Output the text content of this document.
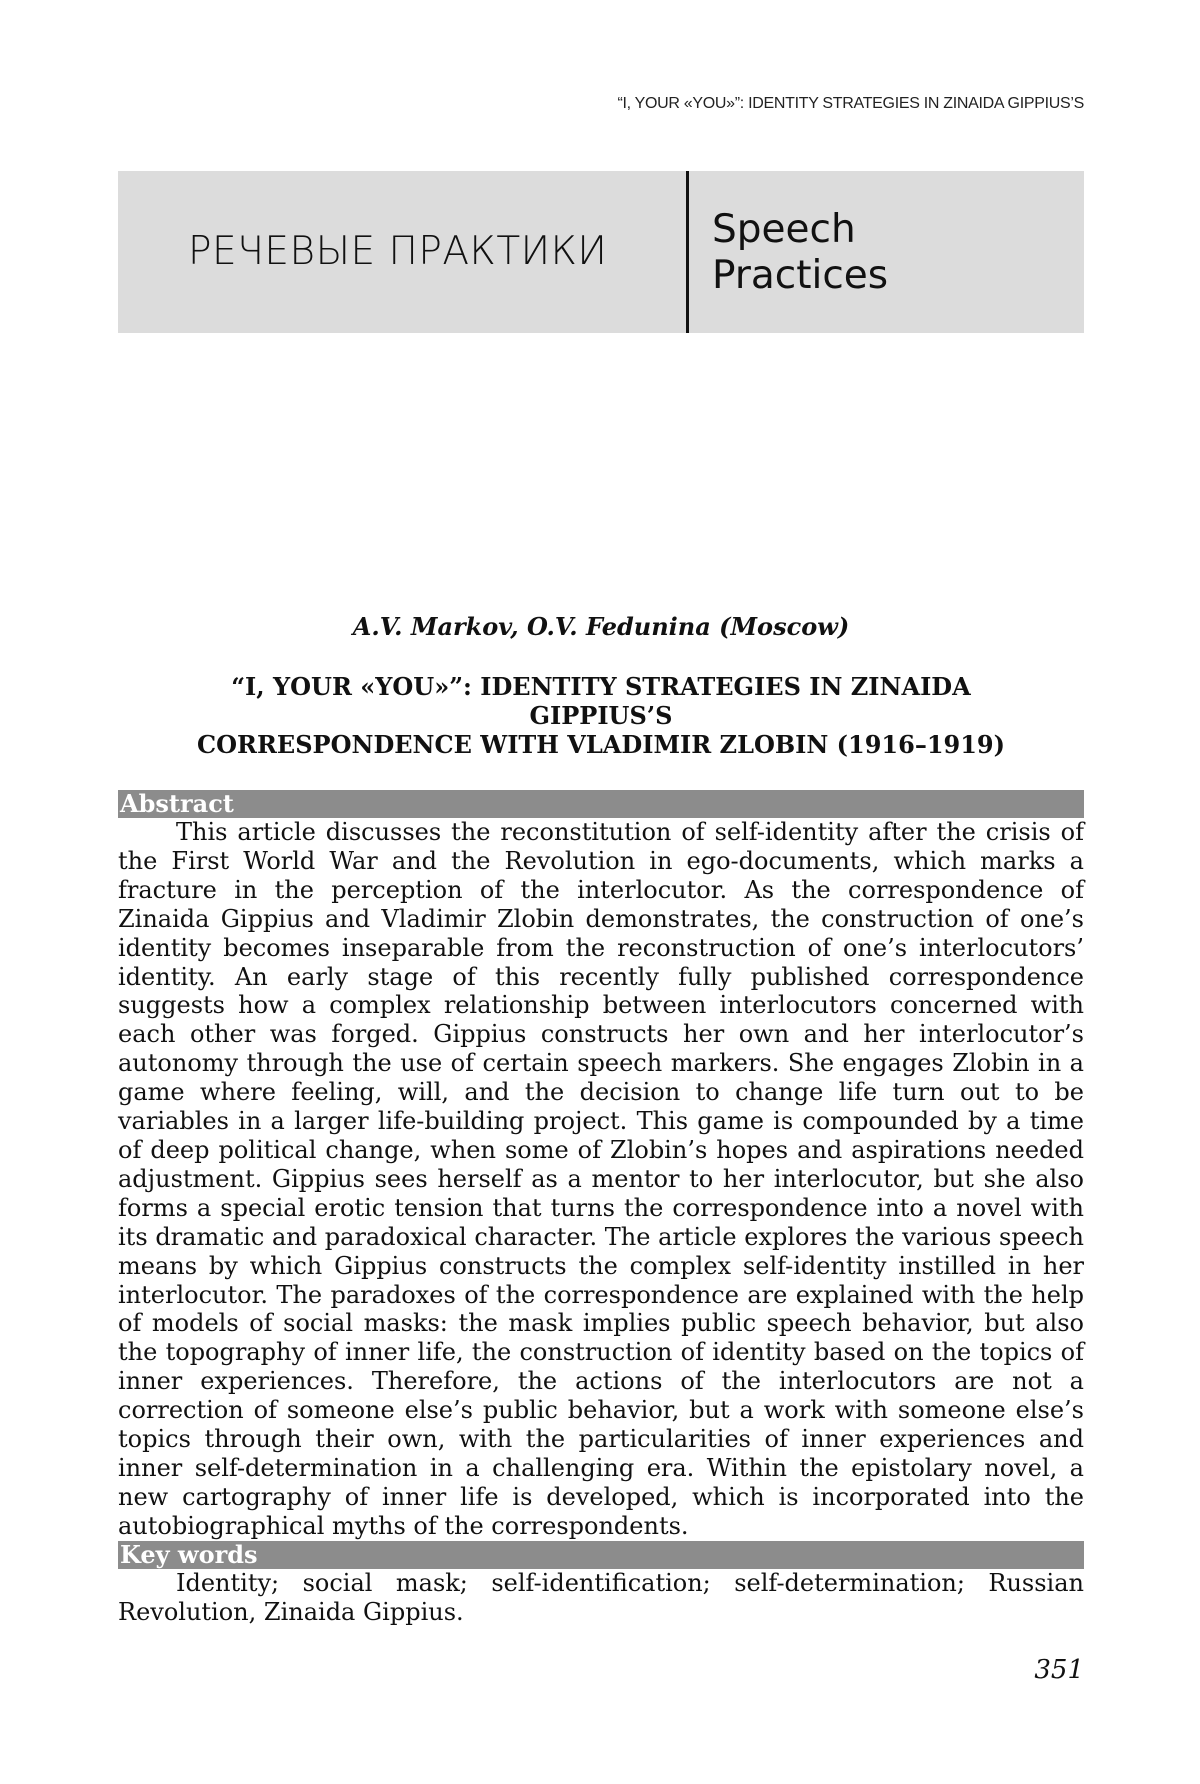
“I, YOUR «YOU»”: IDENTITY STRATEGIES IN ZINAIDA GIPPIUS’S
РЕЧЕВЫЕ ПРАКТИКИ	Speech
Practices
A.V. Markov, O.V. Fedunina (Moscow)
“I, YOUR «YOU»”: IDENTITY STRATEGIES IN ZINAIDA
GIPPIUS’S
CORRESPONDENCE WITH VLADIMIR ZLOBIN (1916–1919)
Abstract

This article discusses the reconstitution of self-identity after the crisis of the First World War and the Revolution in ego-documents, which marks a fracture in the perception of the interlocutor. As the correspondence of Zinaida Gippius and Vladimir Zlobin demonstrates, the construction of one’s identity becomes inseparable from the reconstruction of one’s interlocutors’ identity. An early stage of this recently fully published correspondence suggests how a complex relationship between interlocutors concerned with each other was forged. Gippius constructs her own and her interlocutor’s autonomy through the use of certain speech markers. She engages Zlobin in a game where feeling, will, and the decision to change life turn out to be variables in a larger life-building project. This game is compounded by a time of deep political change, when some of Zlobin’s hopes and aspirations needed adjustment. Gippius sees herself as a mentor to her interlocutor, but she also forms a special erotic tension that turns the correspondence into a novel with its dramatic and paradoxical character. The article explores the various speech means by which Gippius constructs the complex self-identity instilled in her interlocutor. The paradoxes of the correspondence are explained with the help of models of social masks: the mask implies public speech behavior, but also the topography of inner life, the construction of identity based on the topics of inner experiences. Therefore, the actions of the interlocutors are not a correction of someone else’s public behavior, but a work with someone else’s topics through their own, with the particularities of inner experiences and inner self-determination in a challenging era. Within the epistolary novel, a new cartography of inner life is developed, which is incorporated into the autobiographical myths of the correspondents.

Key words

Identity; social mask; self-identification; self-determination; Russian Revolution, Zinaida Gippius.

351
